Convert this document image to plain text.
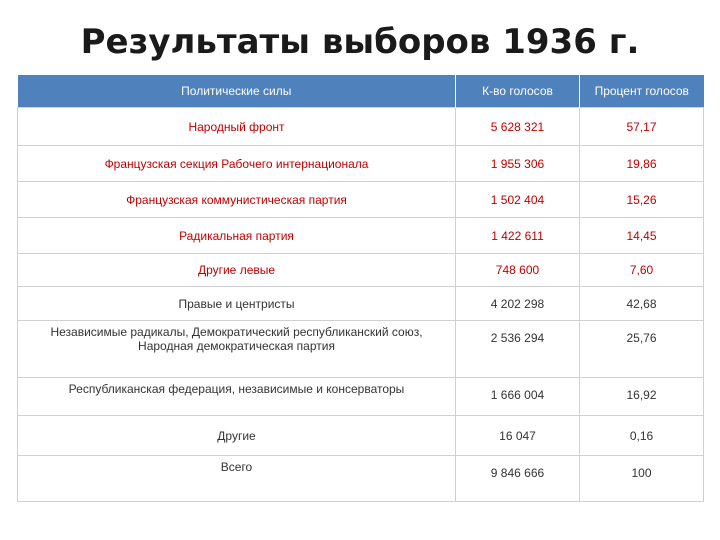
Результаты выборов 1936 г.
Политические силы	К-во голосов	Процент голосов
Народный фронт	5 628 321	57,17
Французская секция Рабочего интернационала	1 955 306	19,86
Французская коммунистическая партия	1 502 404	15,26
Радикальная партия	1 422 611	14,45
Другие левые	748 600	7,60
Правые и центристы	4 202 298	42,68
Независимые радикалы, Демократический республиканский союз, Народная демократическая партия	2 536 294	25,76
Республиканская федерация, независимые и консерваторы	1 666 004	16,92
Другие	16 047	0,16
Всего	9 846 666	100
